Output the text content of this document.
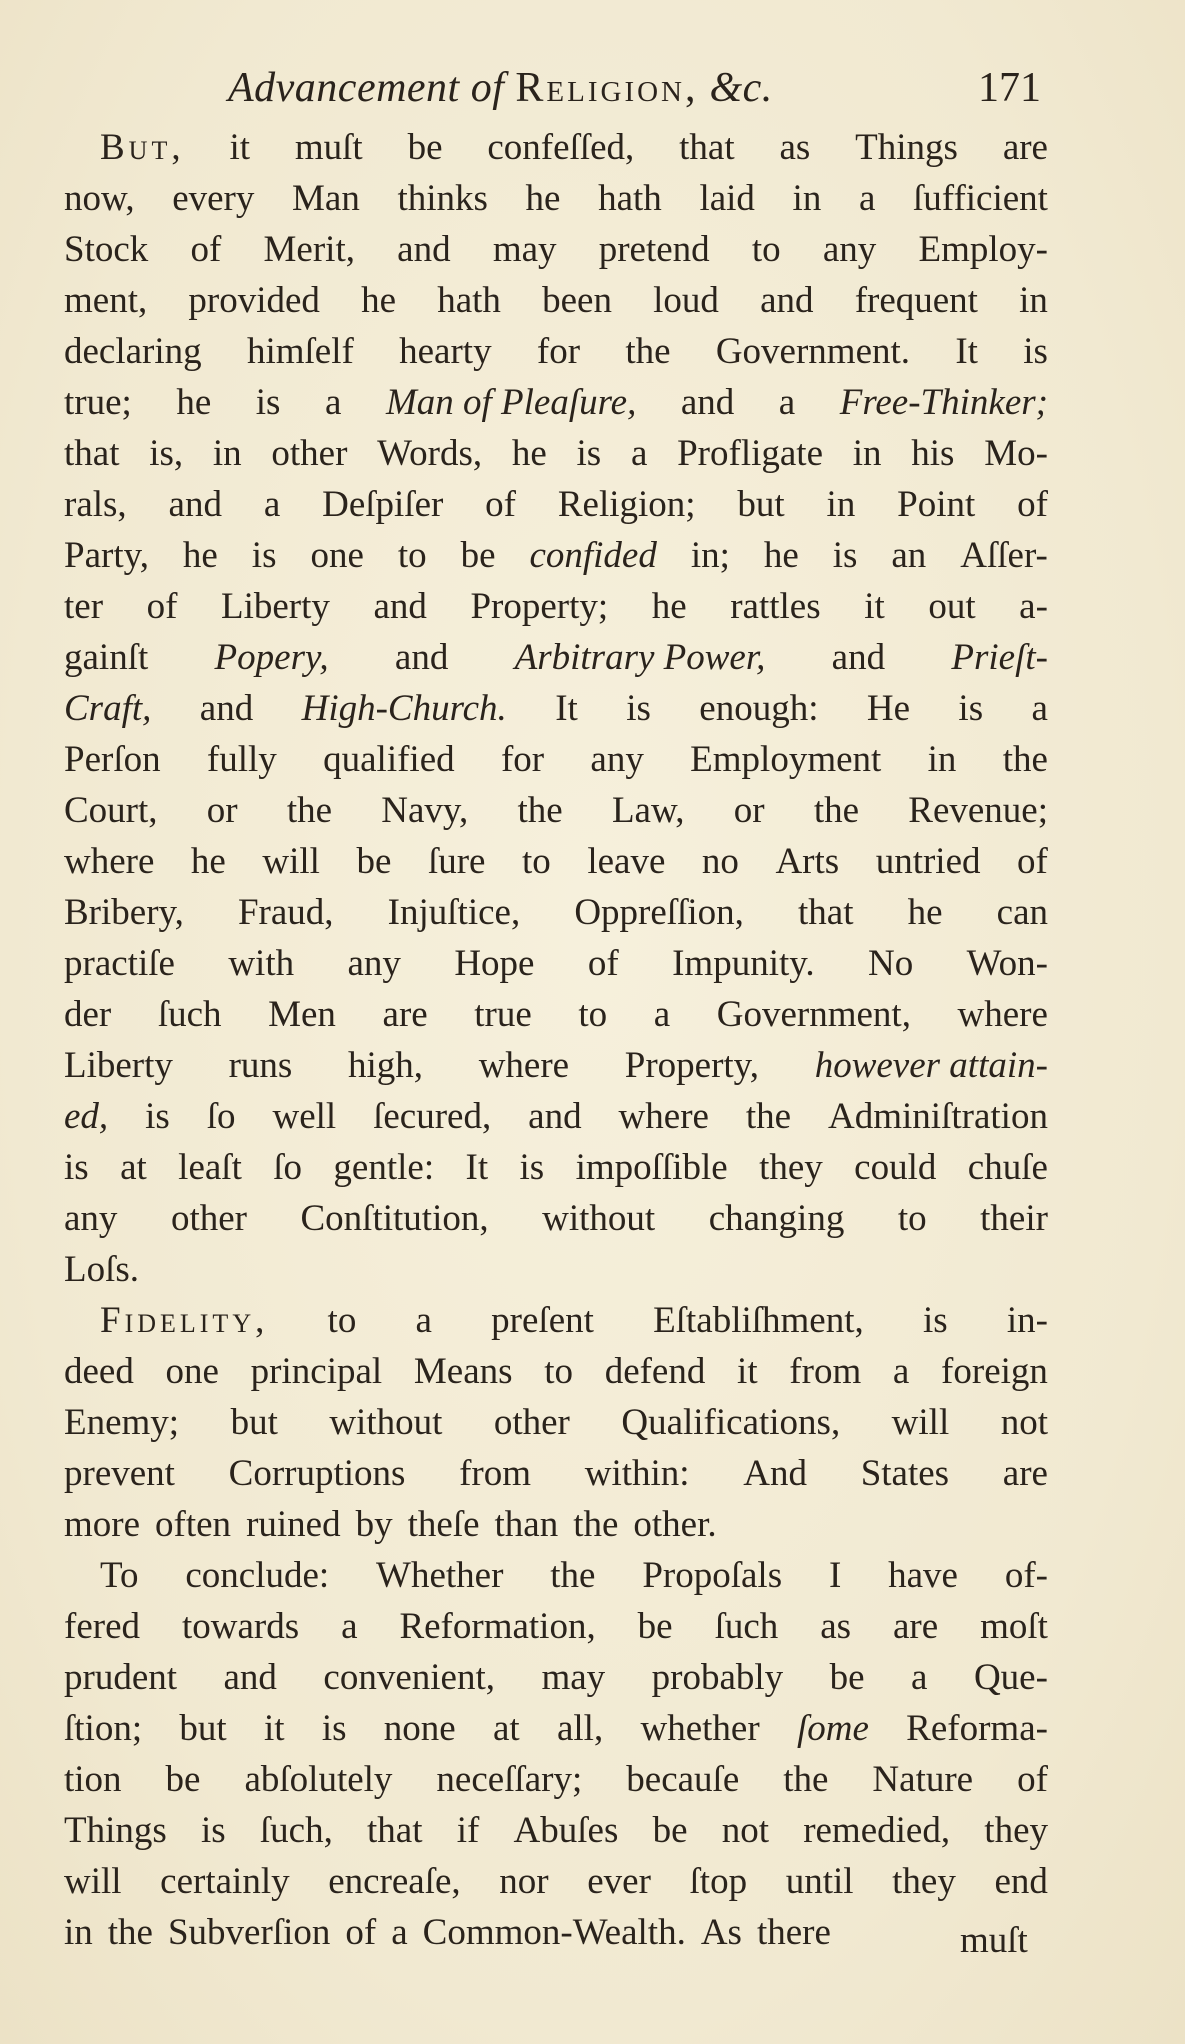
Advancement of Religion, &c.	171
But, it muſt be confeſſed, that as Things are
now, every Man thinks he hath laid in a ſufficient
Stock of Merit, and may pretend to any Employ-
ment, provided he hath been loud and frequent in
declaring himſelf hearty for the Government. It is
true; he is a Man of Pleaſure, and a Free-Thinker;
that is, in other Words, he is a Profligate in his Mo-
rals, and a Deſpiſer of Religion; but in Point of
Party, he is one to be confided in; he is an Aſſer-
ter of Liberty and Property; he rattles it out a-
gainſt Popery, and Arbitrary Power, and Prieſt-
Craft, and High-Church. It is enough: He is a
Perſon fully qualified for any Employment in the
Court, or the Navy, the Law, or the Revenue;
where he will be ſure to leave no Arts untried of
Bribery, Fraud, Injuſtice, Oppreſſion, that he can
practiſe with any Hope of Impunity. No Won-
der ſuch Men are true to a Government, where
Liberty runs high, where Property, however attain-
ed, is ſo well ſecured, and where the Adminiſtration
is at leaſt ſo gentle: It is impoſſible they could chuſe
any other Conſtitution, without changing to their
Loſs.
Fidelity, to a preſent Eſtabliſhment, is in-
deed one principal Means to defend it from a foreign
Enemy; but without other Qualifications, will not
prevent Corruptions from within: And States are
more often ruined by theſe than the other.
To conclude: Whether the Propoſals I have of-
fered towards a Reformation, be ſuch as are moſt
prudent and convenient, may probably be a Que-
ſtion; but it is none at all, whether ſome Reforma-
tion be abſolutely neceſſary; becauſe the Nature of
Things is ſuch, that if Abuſes be not remedied, they
will certainly encreaſe, nor ever ſtop until they end
in the Subverſion of a Common-Wealth. As there	muſt
